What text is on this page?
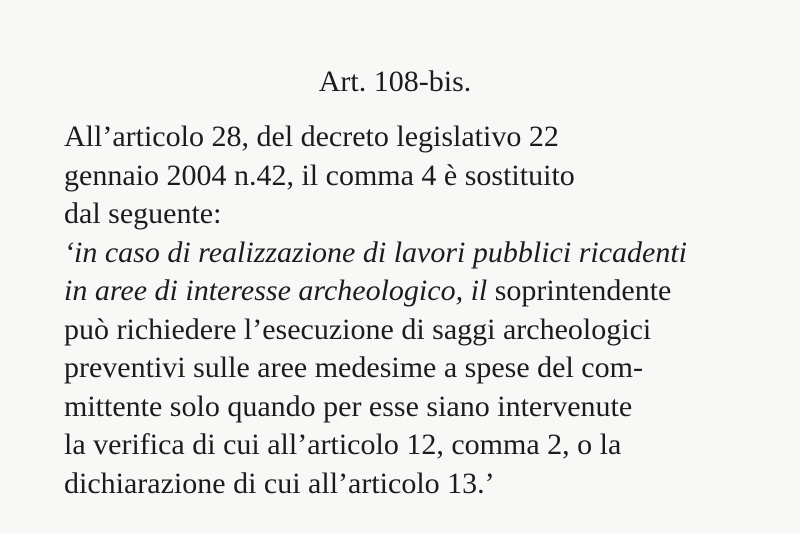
Art. 108-bis.
All’articolo 28, del decreto legislativo 22
gennaio 2004 n.42, il comma 4 è sostituito
dal seguente:
‘in caso di realizzazione di lavori pubblici ricadenti
in aree di interesse archeologico, il soprintendente
può richiedere l’esecuzione di saggi archeologici
preventivi sulle aree medesime a spese del com-
mittente solo quando per esse siano intervenute
la verifica di cui all’articolo 12, comma 2, o la
dichiarazione di cui all’articolo 13.’
